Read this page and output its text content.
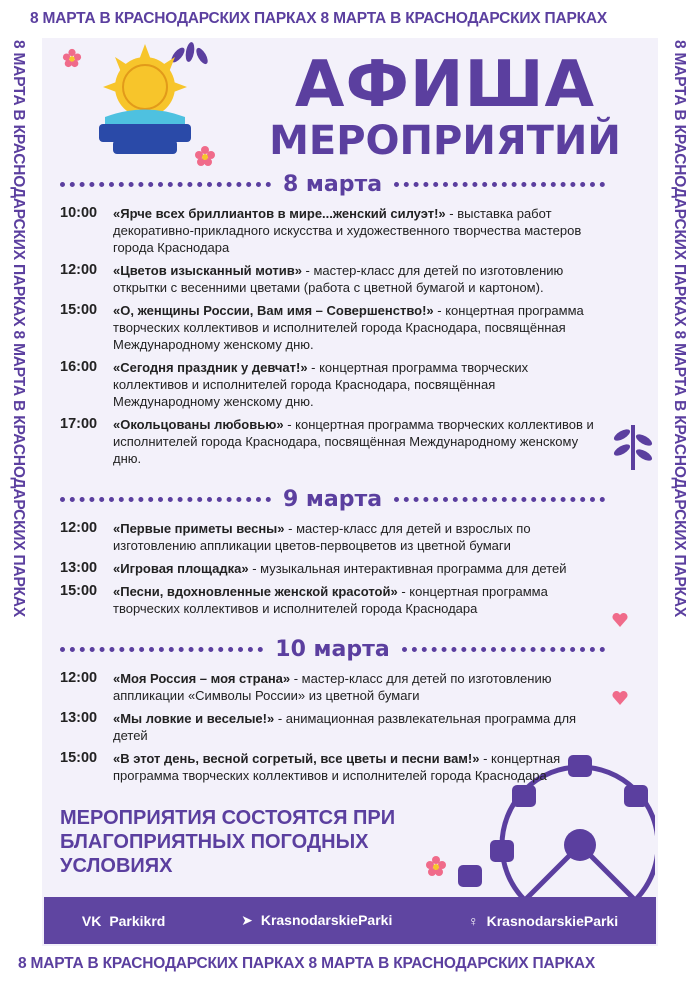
8 МАРТА В КРАСНОДАРСКИХ ПАРКАХ 8 МАРТА В КРАСНОДАРСКИХ ПАРКАХ
8 МАРТА В КРАСНОДАРСКИХ ПАРКАХ 8 МАРТА В КРАСНОДАРСКИХ ПАРКАХ	8 МАРТА В КРАСНОДАРСКИХ ПАРКАХ 8 МАРТА В КРАСНОДАРСКИХ ПАРКАХ
8 МАРТА В КРАСНОДАРСКИХ ПАРКАХ 8 МАРТА В КРАСНОДАРСКИХ ПАРКАХ
АФИША
МЕРОПРИЯТИЙ
8 марта
10:00	«Ярче всех бриллиантов в мире...женский силуэт!» - выставка работ декоративно-прикладного искусства и художественного творчества мастеров города Краснодара
12:00	«Цветов изысканный мотив» - мастер-класс для детей по изготовлению открытки с весенними цветами (работа с цветной бумагой и картоном).
15:00	«О, женщины России, Вам имя – Совершенство!» - концертная программа творческих коллективов и исполнителей города Краснодара, посвящённая Международному женскому дню.
16:00	«Сегодня праздник у девчат!» - концертная программа творческих коллективов и исполнителей города Краснодара, посвящённая Международному женскому дню.
17:00	«Окольцованы любовью» - концертная программа творческих коллективов и исполнителей города Краснодара, посвящённая Международному женскому дню.
9 марта
12:00	«Первые приметы весны» - мастер-класс для детей и взрослых по изготовлению аппликации цветов-первоцветов из цветной бумаги
13:00	«Игровая площадка» - музыкальная интерактивная программа для детей
15:00	«Песни, вдохновленные женской красотой» - концертная программа творческих коллективов и исполнителей города Краснодара
10 марта
12:00	«Моя Россия – моя страна» - мастер-класс для детей по изготовлению аппликации «Символы России» из цветной бумаги
13:00	«Мы ловкие и веселые!» - анимационная развлекательная программа для детей
15:00	«В этот день, весной согретый, все цветы и песни вам!» - концертная программа творческих коллективов и исполнителей города Краснодара
МЕРОПРИЯТИЯ СОСТОЯТСЯ ПРИ БЛАГОПРИЯТНЫХ ПОГОДНЫХ УСЛОВИЯХ
VK Parkikrd	➤ KrasnodarskieParki	♀ KrasnodarskieParki
